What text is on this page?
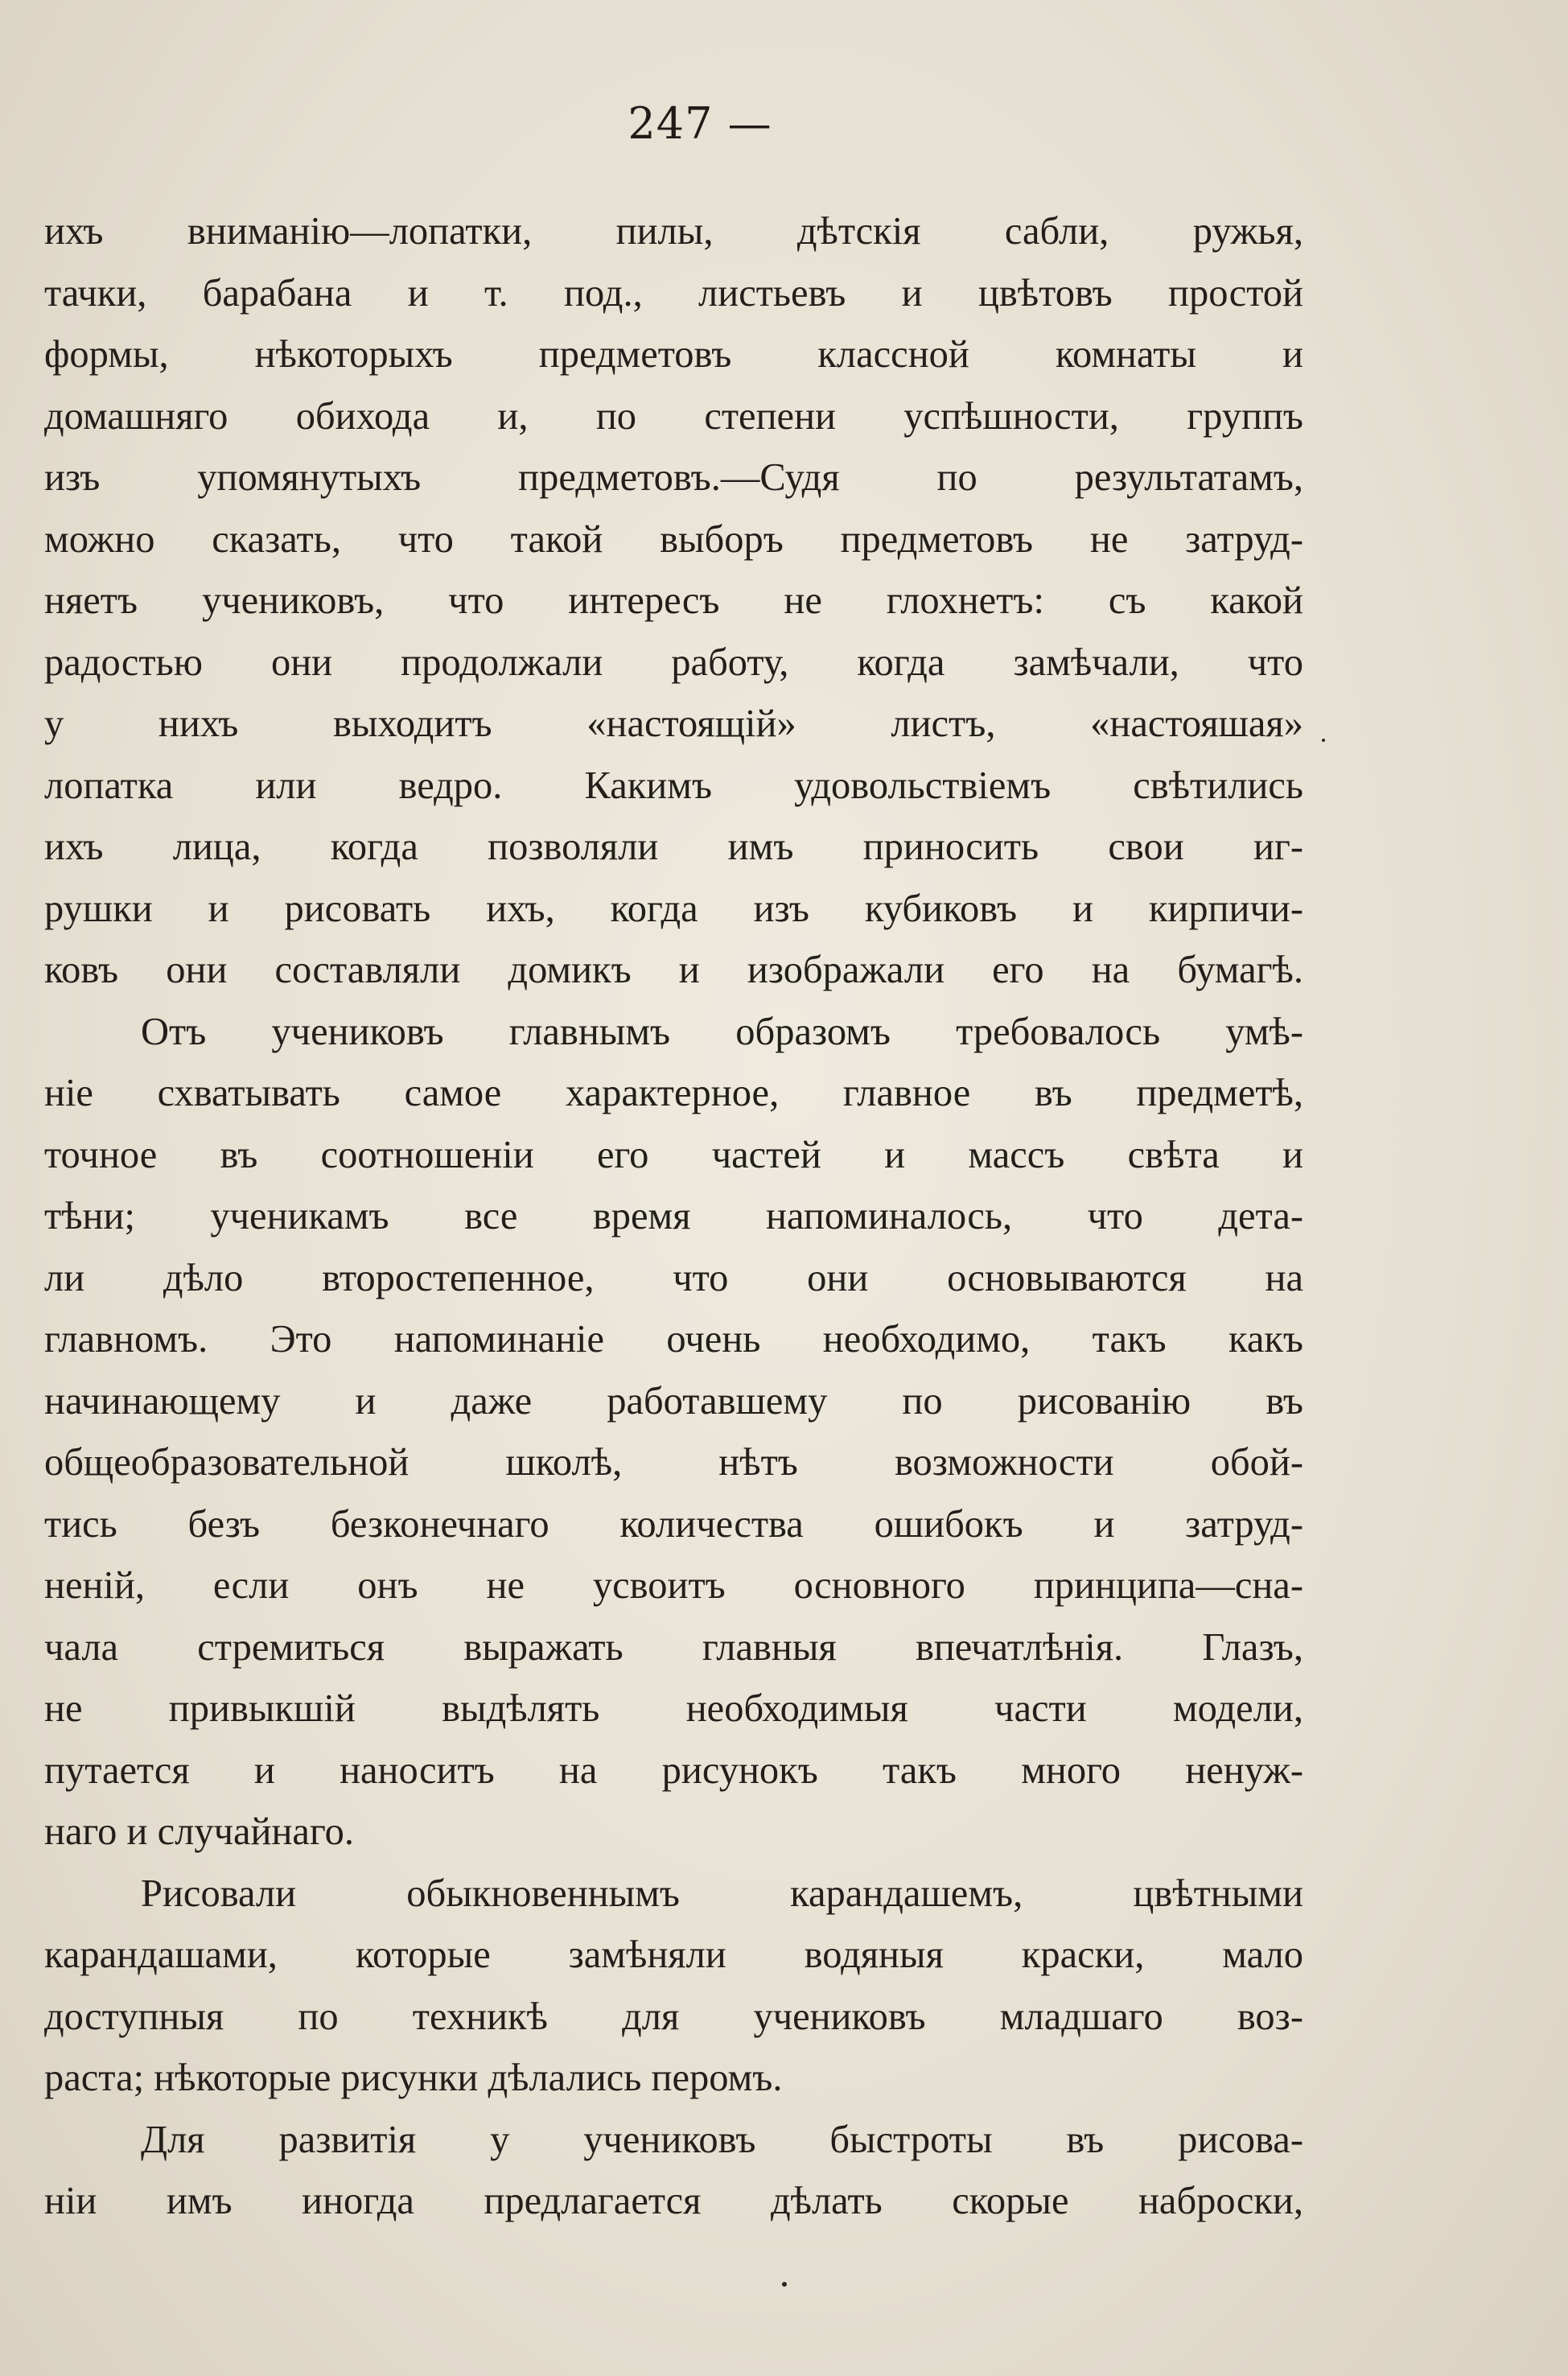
247 —
ихъ вниманію—лопатки, пилы, дѣтскія сабли, ружья,
тачки, барабана и т. под., листьевъ и цвѣтовъ простой
формы, нѣкоторыхъ предметовъ классной комнаты и
домашняго обихода и, по степени успѣшности, группъ
изъ упомянутыхъ предметовъ.—Судя по результатамъ,
можно сказать, что такой выборъ предметовъ не затруд-
няетъ учениковъ, что интересъ не глохнетъ: съ какой
радостью они продолжали работу, когда замѣчали, что
у нихъ выходитъ «настоящій» листъ, «настояшая»
лопатка или ведро. Какимъ удовольствіемъ свѣтились
ихъ лица, когда позволяли имъ приносить свои иг-
рушки и рисовать ихъ, когда изъ кубиковъ и кирпичи-
ковъ они составляли домикъ и изображали его на бумагѣ.
Отъ учениковъ главнымъ образомъ требовалось умѣ-
ніе схватывать самое характерное, главное въ предметѣ,
точное въ соотношеніи его частей и массъ свѣта и
тѣни; ученикамъ все время напоминалось, что дета-
ли дѣло второстепенное, что они основываются на
главномъ. Это напоминаніе очень необходимо, такъ какъ
начинающему и даже работавшему по рисованію въ
общеобразовательной школѣ, нѣтъ возможности обой-
тись безъ безконечнаго количества ошибокъ и затруд-
неній, если онъ не усвоитъ основного принципа—сна-
чала стремиться выражать главныя впечатлѣнія. Глазъ,
не привыкшій выдѣлять необходимыя части модели,
путается и наноситъ на рисунокъ такъ много ненуж-
наго и случайнаго.
Рисовали обыкновеннымъ карандашемъ, цвѣтными
карандашами, которые замѣняли водяныя краски, мало
доступныя по техникѣ для учениковъ младшаго воз-
раста; нѣкоторые рисунки дѣлались перомъ.
Для развитія у учениковъ быстроты въ рисова-
ніи имъ иногда предлагается дѣлать скорые наброски,
